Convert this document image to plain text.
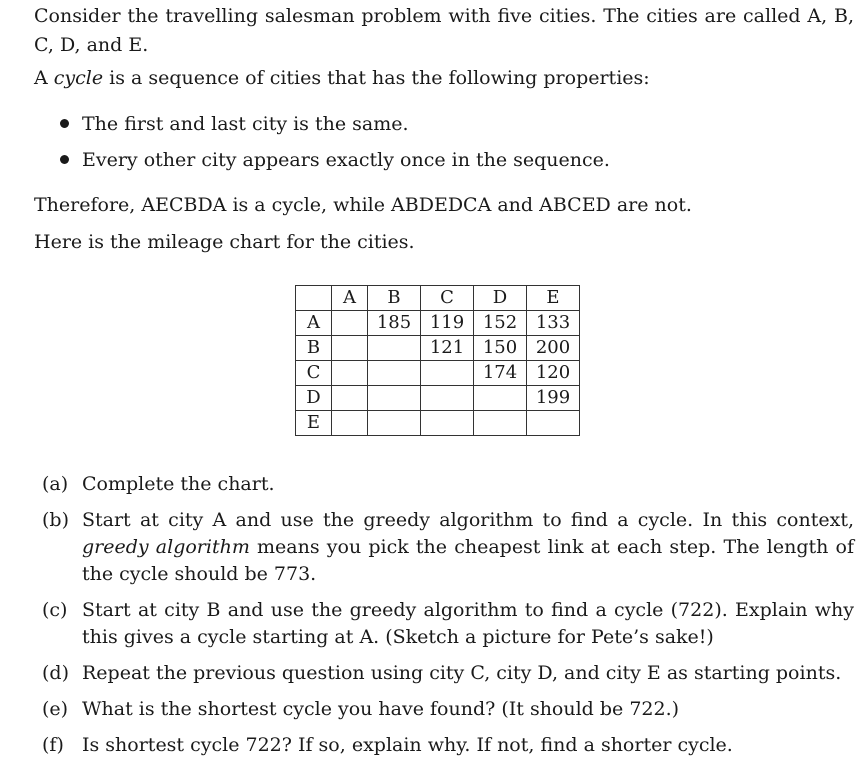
Consider the travelling salesman problem with five cities. The cities are called A, B, C, D, and E.

A cycle is a sequence of cities that has the following properties:

The first and last city is the same.
Every other city appears exactly once in the sequence.

Therefore, AECBDA is a cycle, while ABDEDCA and ABCED are not.

Here is the mileage chart for the cities.

	A	B	C	D	E
A		185	119	152	133
B			121	150	200
C				174	120
D					199
E					
(a) Complete the chart.
(b) Start at city A and use the greedy algorithm to find a cycle. In this context, greedy algorithm means you pick the cheapest link at each step. The length of the cycle should be 773.
(c) Start at city B and use the greedy algorithm to find a cycle (722). Explain why this gives a cycle starting at A. (Sketch a picture for Pete’s sake!)
(d) Repeat the previous question using city C, city D, and city E as starting points.
(e) What is the shortest cycle you have found? (It should be 722.)
(f) Is shortest cycle 722? If so, explain why. If not, find a shorter cycle.
